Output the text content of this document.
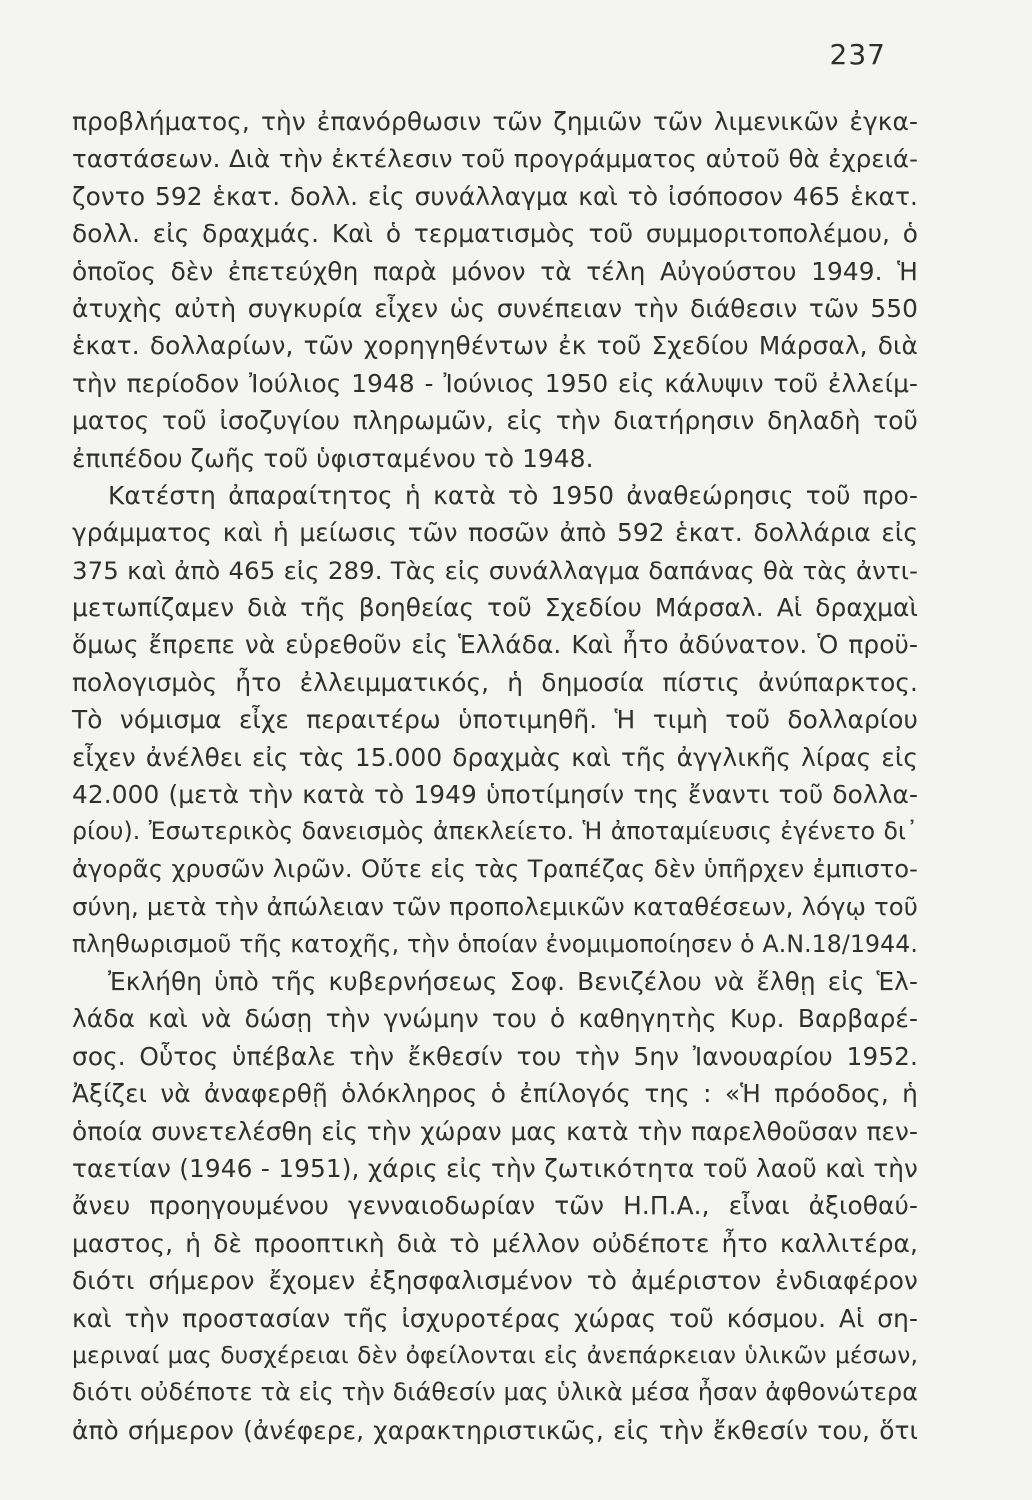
237
προβλήματος, τὴν ἐπανόρθωσιν τῶν ζημιῶν τῶν λιμενικῶν ἐγκα-
ταστάσεων. Διὰ τὴν ἐκτέλεσιν τοῦ προγράμματος αὐτοῦ θὰ ἐχρειά-
ζοντο 592 ἑκατ. δολλ. εἰς συνάλλαγμα καὶ τὸ ἰσόποσον 465 ἑκατ.
δολλ. εἰς δραχμάς. Καὶ ὁ τερματισμὸς τοῦ συμμοριτοπολέμου, ὁ
ὁποῖος δὲν ἐπετεύχθη παρὰ μόνον τὰ τέλη Αὐγούστου 1949. Ἡ
ἀτυχὴς αὐτὴ συγκυρία εἶχεν ὡς συνέπειαν τὴν διάθεσιν τῶν 550
ἑκατ. δολλαρίων, τῶν χορηγηθέντων ἐκ τοῦ Σχεδίου Μάρσαλ, διὰ
τὴν περίοδον Ἰούλιος 1948 - Ἰούνιος 1950 εἰς κάλυψιν τοῦ ἐλλείμ-
ματος τοῦ ἰσοζυγίου πληρωμῶν, εἰς τὴν διατήρησιν δηλαδὴ τοῦ
ἐπιπέδου ζωῆς τοῦ ὑφισταμένου τὸ 1948.
Κατέστη ἀπαραίτητος ἡ κατὰ τὸ 1950 ἀναθεώρησις τοῦ προ-
γράμματος καὶ ἡ μείωσις τῶν ποσῶν ἀπὸ 592 ἑκατ. δολλάρια εἰς
375 καὶ ἀπὸ 465 εἰς 289. Τὰς εἰς συνάλλαγμα δαπάνας θὰ τὰς ἀντι-
μετωπίζαμεν διὰ τῆς βοηθείας τοῦ Σχεδίου Μάρσαλ. Αἱ δραχμαὶ
ὅμως ἔπρεπε νὰ εὑρεθοῦν εἰς Ἑλλάδα. Καὶ ἦτο ἀδύνατον. Ὁ προϋ-
πολογισμὸς ἦτο ἐλλειμματικός, ἡ δημοσία πίστις ἀνύπαρκτος.
Τὸ νόμισμα εἶχε περαιτέρω ὑποτιμηθῆ. Ἡ τιμὴ τοῦ δολλαρίου
εἶχεν ἀνέλθει εἰς τὰς 15.000 δραχμὰς καὶ τῆς ἀγγλικῆς λίρας εἰς
42.000 (μετὰ τὴν κατὰ τὸ 1949 ὑποτίμησίν της ἔναντι τοῦ δολλα-
ρίου). Ἐσωτερικὸς δανεισμὸς ἀπεκλείετο. Ἡ ἀποταμίευσις ἐγένετο δι᾽
ἀγορᾶς χρυσῶν λιρῶν. Οὔτε εἰς τὰς Τραπέζας δὲν ὑπῆρχεν ἐμπιστο-
σύνη, μετὰ τὴν ἀπώλειαν τῶν προπολεμικῶν καταθέσεων, λόγῳ τοῦ
πληθωρισμοῦ τῆς κατοχῆς, τὴν ὁποίαν ἐνομιμοποίησεν ὁ Α.Ν.18/1944.
Ἐκλήθη ὑπὸ τῆς κυβερνήσεως Σοφ. Βενιζέλου νὰ ἔλθῃ εἰς Ἑλ-
λάδα καὶ νὰ δώσῃ τὴν γνώμην του ὁ καθηγητὴς Κυρ. Βαρβαρέ-
σος. Οὗτος ὑπέβαλε τὴν ἔκθεσίν του τὴν 5ην Ἰανουαρίου 1952.
Ἀξίζει νὰ ἀναφερθῇ ὁλόκληρος ὁ ἐπίλογός της : «Ἡ πρόοδος, ἡ
ὁποία συνετελέσθη εἰς τὴν χώραν μας κατὰ τὴν παρελθοῦσαν πεν-
ταετίαν (1946 - 1951), χάρις εἰς τὴν ζωτικότητα τοῦ λαοῦ καὶ τὴν
ἄνευ προηγουμένου γενναιοδωρίαν τῶν Η.Π.Α., εἶναι ἀξιοθαύ-
μαστος, ἡ δὲ προοπτικὴ διὰ τὸ μέλλον οὐδέποτε ἦτο καλλιτέρα,
διότι σήμερον ἔχομεν ἐξησφαλισμένον τὸ ἀμέριστον ἐνδιαφέρον
καὶ τὴν προστασίαν τῆς ἰσχυροτέρας χώρας τοῦ κόσμου. Αἱ ση-
μεριναί μας δυσχέρειαι δὲν ὀφείλονται εἰς ἀνεπάρκειαν ὑλικῶν μέσων,
διότι οὐδέποτε τὰ εἰς τὴν διάθεσίν μας ὑλικὰ μέσα ἦσαν ἀφθονώτερα
ἀπὸ σήμερον (ἀνέφερε, χαρακτηριστικῶς, εἰς τὴν ἔκθεσίν του, ὅτι
